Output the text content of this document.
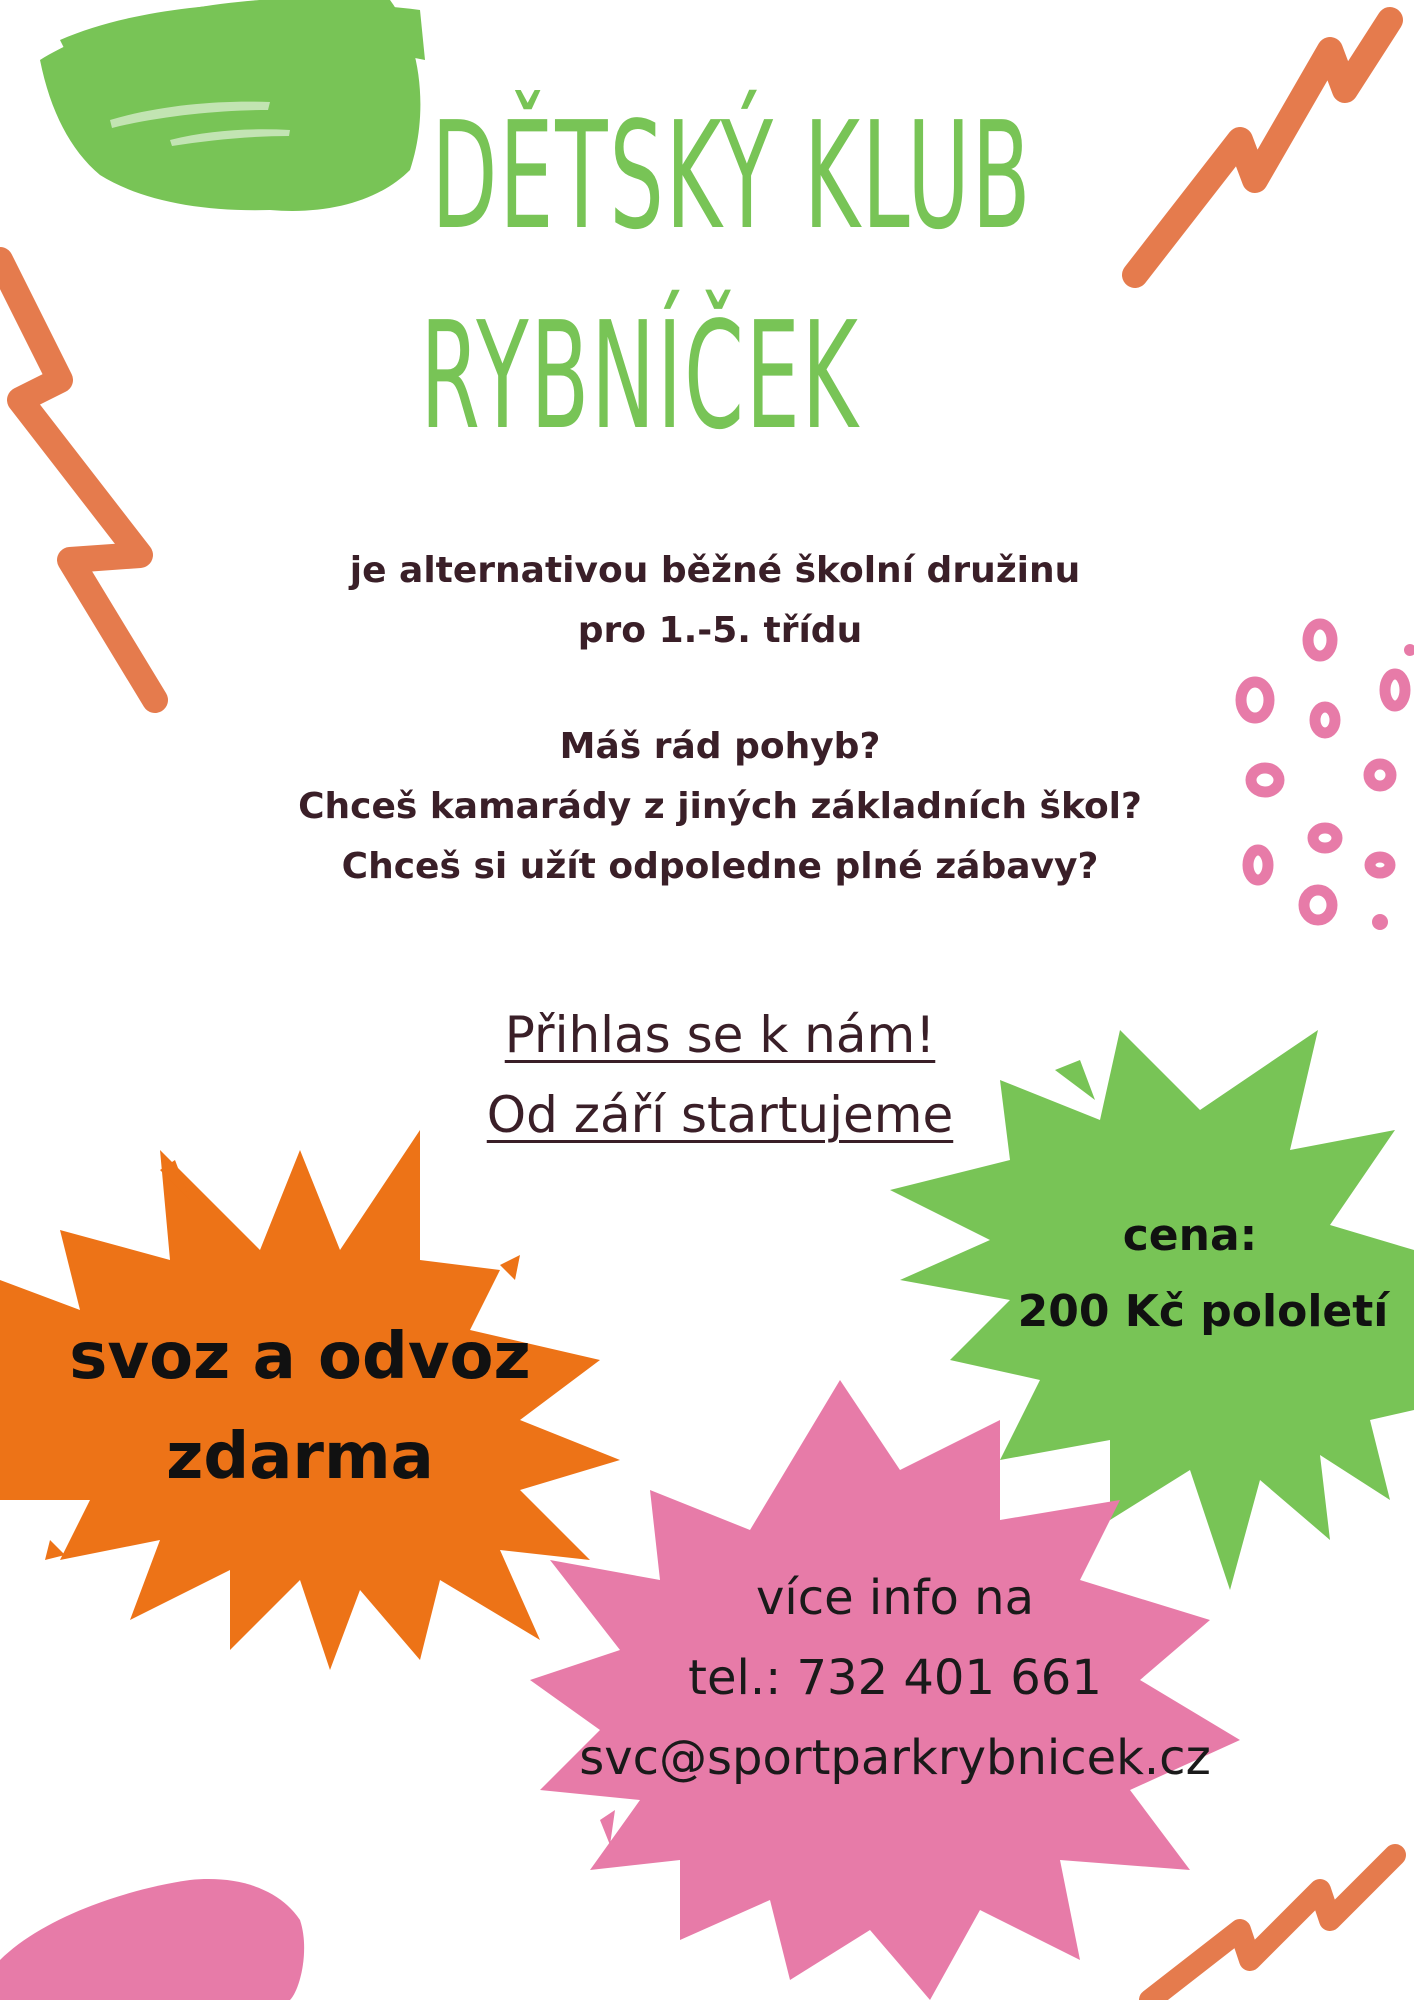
DĚTSKÝ KLUB
RYBNÍČEK

je alternativou běžné školní družinu

pro 1.-5. třídu

Máš rád pohyb?

Chceš kamarády z jiných základních škol?

Chceš si užít odpoledne plné zábavy?

Přihlas se k nám!
Od září startujeme

svoz a odvoz

zdarma

cena:

200 Kč pololetí

více info na

tel.: 732 401 661

svc@sportparkrybnicek.cz
